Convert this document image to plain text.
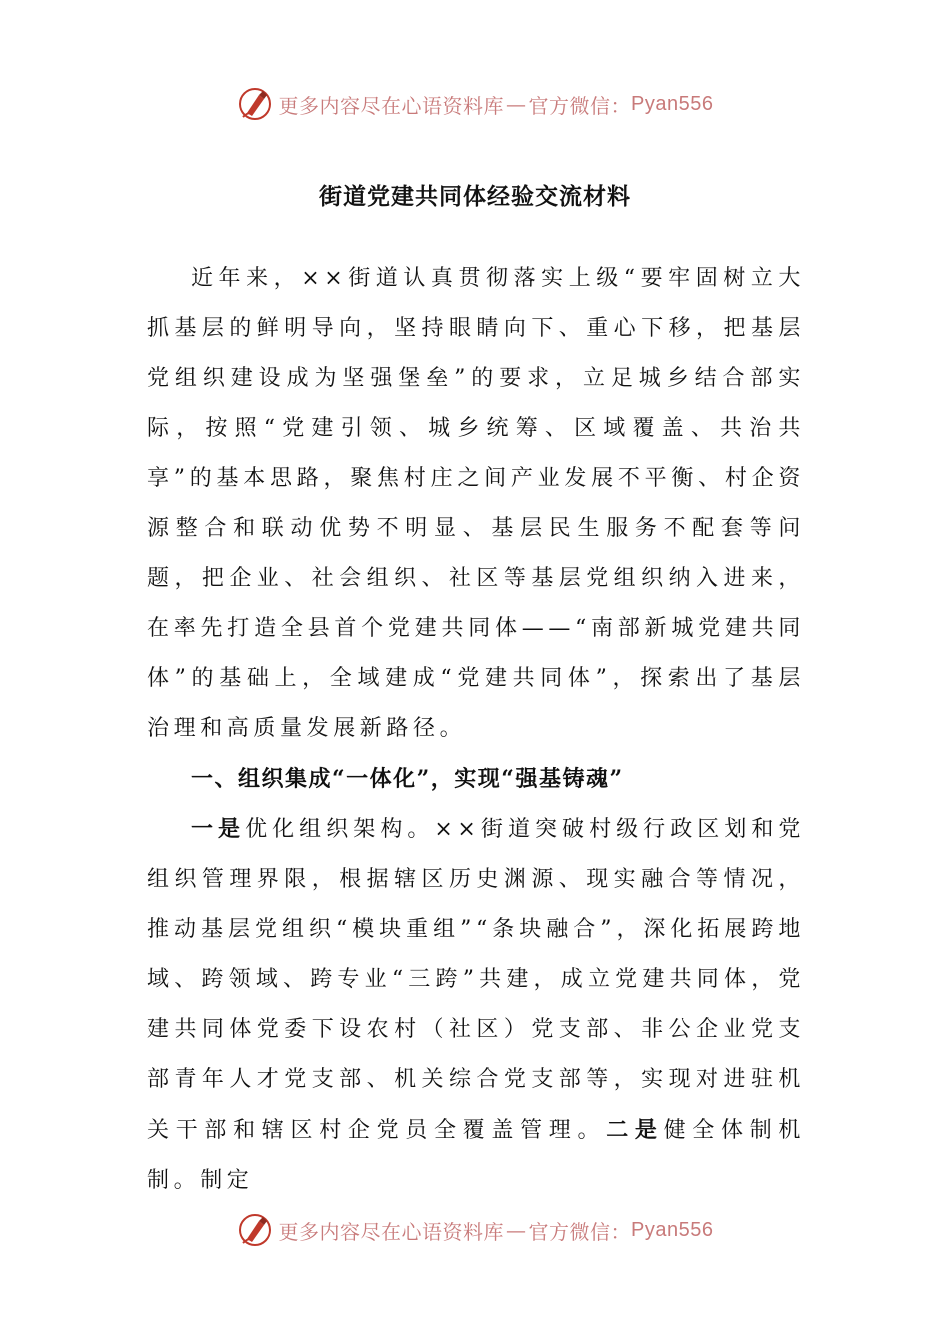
更多内容尽在心语资料库 — 官方微信： Pyan556
街道党建共同体经验交流材料

近年来，××街道认真贯彻落实上级“要牢固树立大抓基层的鲜明导向，坚持眼睛向下、重心下移，把基层党组织建设成为坚强堡垒”的要求，立足城乡结合部实际，按照“党建引领、城乡统筹、区域覆盖、共治共享”的基本思路，聚焦村庄之间产业发展不平衡、村企资源整合和联动优势不明显、基层民生服务不配套等问题，把企业、社会组织、社区等基层党组织纳入进来，在率先打造全县首个党建共同体——“南部新城党建共同体”的基础上，全域建成“党建共同体”，探索出了基层治理和高质量发展新路径。

一、组织集成“一体化”，实现“强基铸魂”

一是优化组织架构。××街道突破村级行政区划和党组织管理界限，根据辖区历史渊源、现实融合等情况，推动基层党组织“模块重组”“条块融合”，深化拓展跨地域、跨领域、跨专业“三跨”共建，成立党建共同体，党建共同体党委下设农村（社区）党支部、非公企业党支部青年人才党支部、机关综合党支部等，实现对进驻机关干部和辖区村企党员全覆盖管理。二是健全体制机制。制定

更多内容尽在心语资料库 — 官方微信： Pyan556
